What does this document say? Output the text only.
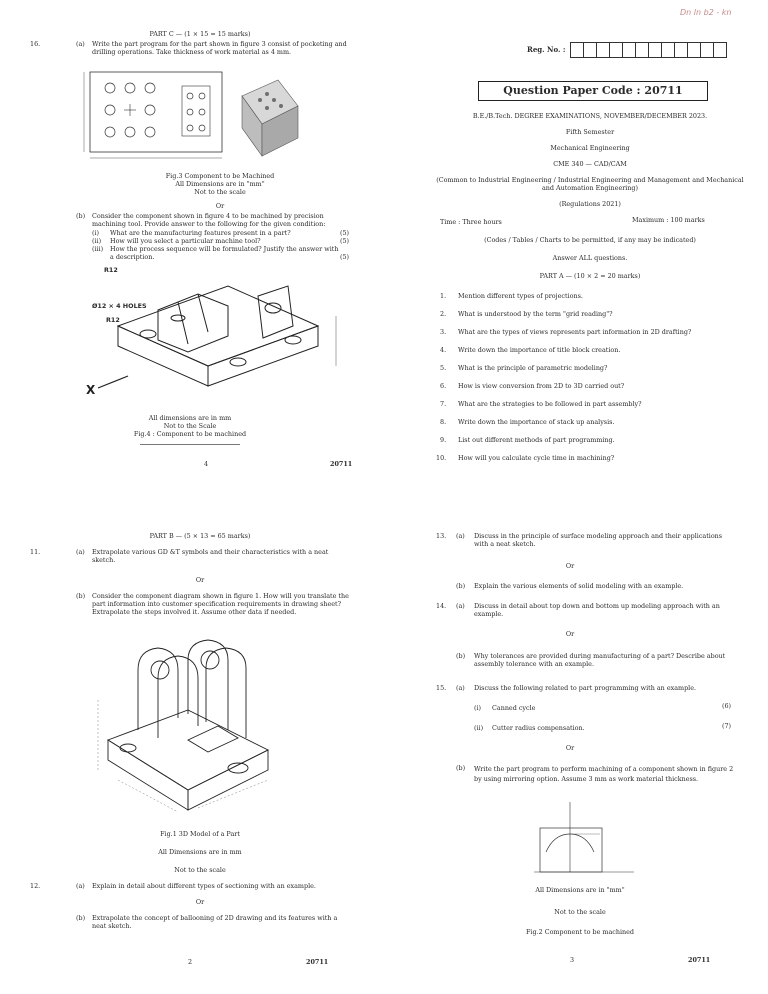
PART C — (1 × 15 = 15 marks)
16.	(a) Write the part program for the part shown in figure 3 consist of pocketing and drilling operations. Take thickness of work material as 4 mm.
Fig.3 Component to be Machined
All Dimensions are in "mm"
Not to the scale
Or
(b) Consider the component shown in figure 4 to be machined by precision machining tool. Provide answer to the following for the given condition:
(i) What are the manufacturing features present in a part?	(5)
(ii) How will you select a particular machine tool?	(5)
(iii) How the process sequence will be formulated? Justify the answer with a description.	(5)
X
R12
Ø12 × 4 HOLES
R12
All dimensions are in mm
Not to the Scale
Fig.4 : Component to be machined
4	20711
Dn ln b2 - kn
Reg. No. :
Question Paper Code : 20711
B.E./B.Tech. DEGREE EXAMINATIONS, NOVEMBER/DECEMBER 2023.
Fifth Semester
Mechanical Engineering
CME 340 — CAD/CAM
(Common to Industrial Engineering / Industrial Engineering and Management and Mechanical and Automation Engineering)
(Regulations 2021)
Time : Three hours	Maximum : 100 marks
(Codes / Tables / Charts to be permitted, if any may be indicated)
Answer ALL questions.
PART A — (10 × 2 = 20 marks)
1. Mention different types of projections.
2. What is understood by the term "grid reading"?
3. What are the types of views represents part information in 2D drafting?
4. Write down the importance of title block creation.
5. What is the principle of parametric modeling?
6. How is view conversion from 2D to 3D carried out?
7. What are the strategies to be followed in part assembly?
8. Write down the importance of stack up analysis.
9. List out different methods of part programming.
10. How will you calculate cycle time in machining?
PART B — (5 × 13 = 65 marks)
11.	(a) Extrapolate various GD &T symbols and their characteristics with a neat sketch.
Or
(b) Consider the component diagram shown in figure 1. How will you translate the part information into customer specification requirements in drawing sheet? Extrapolate the steps involved it. Assume other data if needed.
Fig.1 3D Model of a Part
All Dimensions are in mm
Not to the scale
12.	(a) Explain in detail about different types of sectioning with an example.
Or
(b) Extrapolate the concept of ballooning of 2D drawing and its features with a neat sketch.
2	20711
13. (a) Discuss in the principle of surface modeling approach and their applications with a neat sketch.
Or
(b) Explain the various elements of solid modeling with an example.
14. (a) Discuss in detail about top down and bottom up modeling approach with an example.
Or
(b) Why tolerances are provided during manufacturing of a part? Describe about assembly tolerance with an example.
15. (a) Discuss the following related to part programming with an example.
(i) Canned cycle	(6)
(ii) Cutter radius compensation.	(7)
Or
(b) Write the part program to perform machining of a component shown in figure 2 by using mirroring option. Assume 3 mm as work material thickness.
All Dimensions are in "mm"
Not to the scale
Fig.2 Component to be machined
3	20711
